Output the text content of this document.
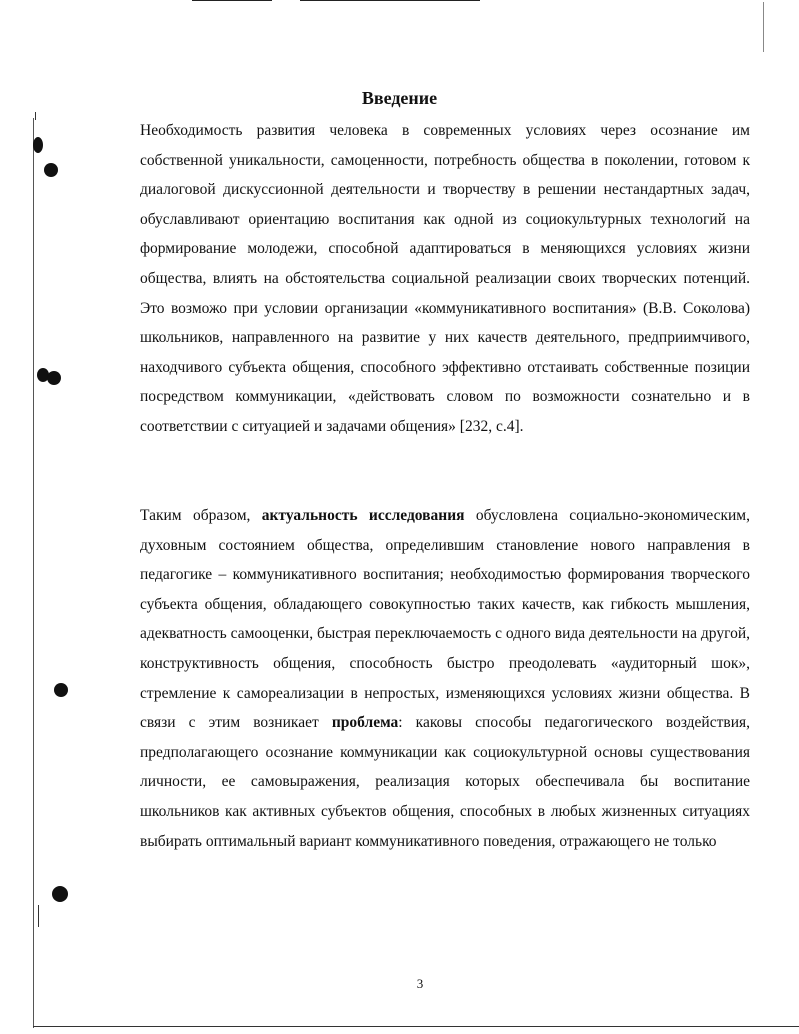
Введение
Необходимость развития человека в современных условиях через осознание им собственной уникальности, самоценности, потребность общества в поколении, готовом к диалоговой дискуссионной деятельности и творчеству в решении нестандартных задач, обуславливают ориентацию воспитания как одной из социокультурных технологий на формирование молодежи, способной адаптироваться в меняющихся условиях жизни общества, влиять на обстоятельства социальной реализации своих творческих потенций. Это возможо при условии организации «коммуникативного воспитания» (В.В. Соколова) школьников, направленного на развитие у них качеств деятельного, предприимчивого, находчивого субъекта общения, способного эффективно отстаивать собственные позиции посредством коммуникации, «действовать словом по возможности сознательно и в соответствии с ситуацией и задачами общения» [232, с.4].
Таким образом, актуальность исследования обусловлена социально-экономическим, духовным состоянием общества, определившим становление нового направления в педагогике – коммуникативного воспитания; необходимостью формирования творческого субъекта общения, обладающего совокупностью таких качеств, как гибкость мышления, адекватность самооценки, быстрая переключаемость с одного вида деятельности на другой, конструктивность общения, способность быстро преодолевать «аудиторный шок», стремление к самореализации в непростых, изменяющихся условиях жизни общества. В связи с этим возникает проблема: каковы способы педагогического воздействия, предполагающего осознание коммуникации как социокультурной основы существования личности, ее самовыражения, реализация которых обеспечивала бы воспитание школьников как активных субъектов общения, способных в любых жизненных ситуациях выбирать оптимальный вариант коммуникативного поведения, отражающего не только
3
